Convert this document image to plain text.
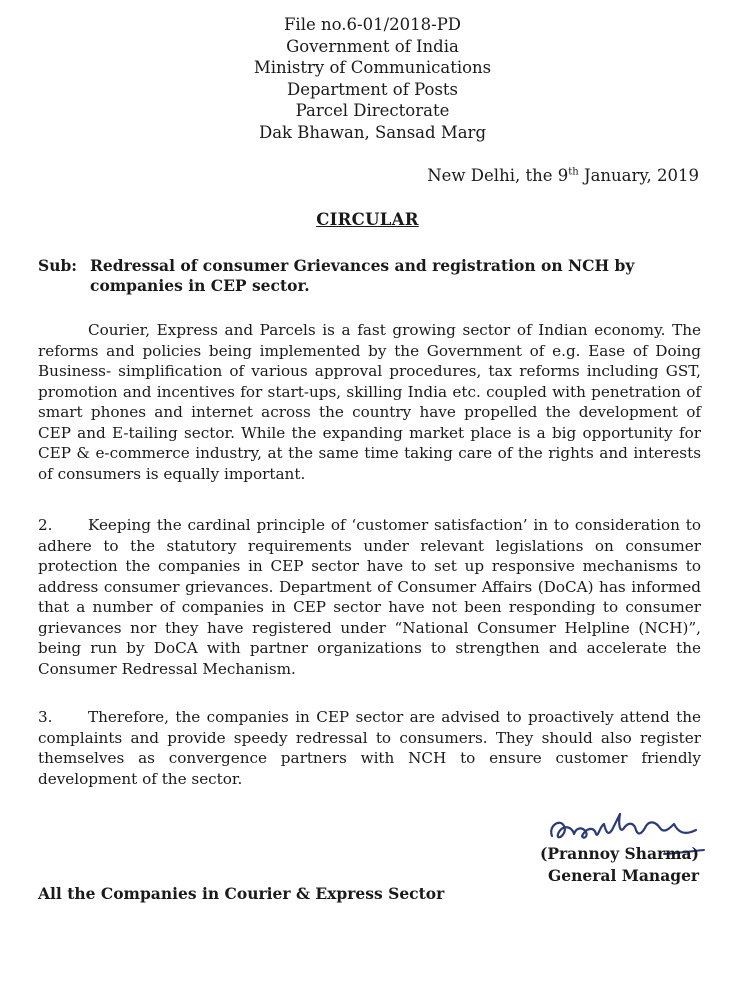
File no.6-01/2018-PD
Government of India
Ministry of Communications
Department of Posts
Parcel Directorate
Dak Bhawan, Sansad Marg
New Delhi, the 9th January, 2019
CIRCULAR
Sub: Redressal of consumer Grievances and registration on NCH by companies in CEP sector.
Courier, Express and Parcels is a fast growing sector of Indian economy. The reforms and policies being implemented by the Government of e.g. Ease of Doing Business- simplification of various approval procedures, tax reforms including GST, promotion and incentives for start-ups, skilling India etc. coupled with penetration of smart phones and internet across the country have propelled the development of CEP and E-tailing sector. While the expanding market place is a big opportunity for CEP & e-commerce industry, at the same time taking care of the rights and interests of consumers is equally important.
2. Keeping the cardinal principle of ‘customer satisfaction’ in to consideration to adhere to the statutory requirements under relevant legislations on consumer protection the companies in CEP sector have to set up responsive mechanisms to address consumer grievances. Department of Consumer Affairs (DoCA) has informed that a number of companies in CEP sector have not been responding to consumer grievances nor they have registered under “National Consumer Helpline (NCH)”, being run by DoCA with partner organizations to strengthen and accelerate the Consumer Redressal Mechanism.
3. Therefore, the companies in CEP sector are advised to proactively attend the complaints and provide speedy redressal to consumers. They should also register themselves as convergence partners with NCH to ensure customer friendly development of the sector.
(Prannoy Sharma)
General Manager
All the Companies in Courier & Express Sector
